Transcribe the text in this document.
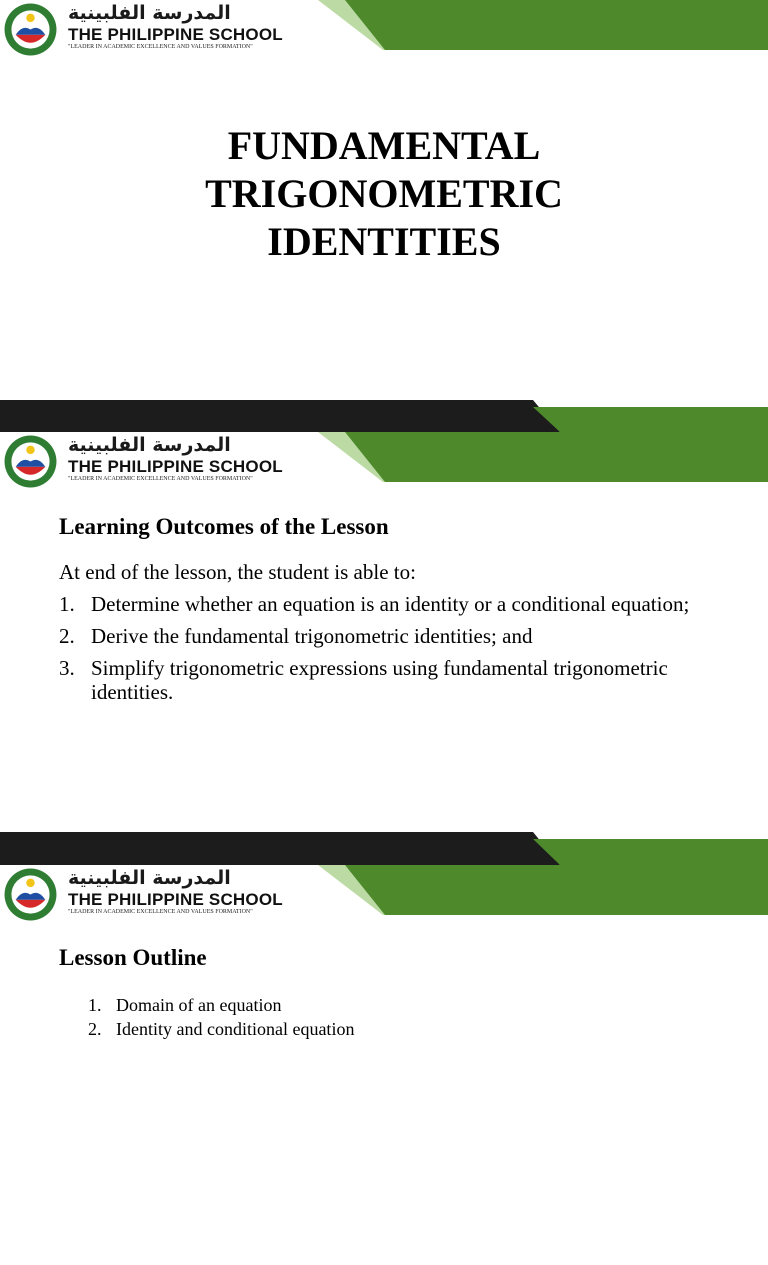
المدرسة الفلبينية
THE PHILIPPINE SCHOOL
"LEADER IN ACADEMIC EXCELLENCE AND VALUES FORMATION"
FUNDAMENTAL
TRIGONOMETRIC
IDENTITIES
المدرسة الفلبينية
THE PHILIPPINE SCHOOL
"LEADER IN ACADEMIC EXCELLENCE AND VALUES FORMATION"
Learning Outcomes of the Lesson
At end of the lesson, the student is able to:
1. Determine whether an equation is an identity or a conditional equation;
2. Derive the fundamental trigonometric identities; and
3. Simplify trigonometric expressions using fundamental trigonometric identities.
المدرسة الفلبينية
THE PHILIPPINE SCHOOL
"LEADER IN ACADEMIC EXCELLENCE AND VALUES FORMATION"
Lesson Outline
1. Domain of an equation
2. Identity and conditional equation
